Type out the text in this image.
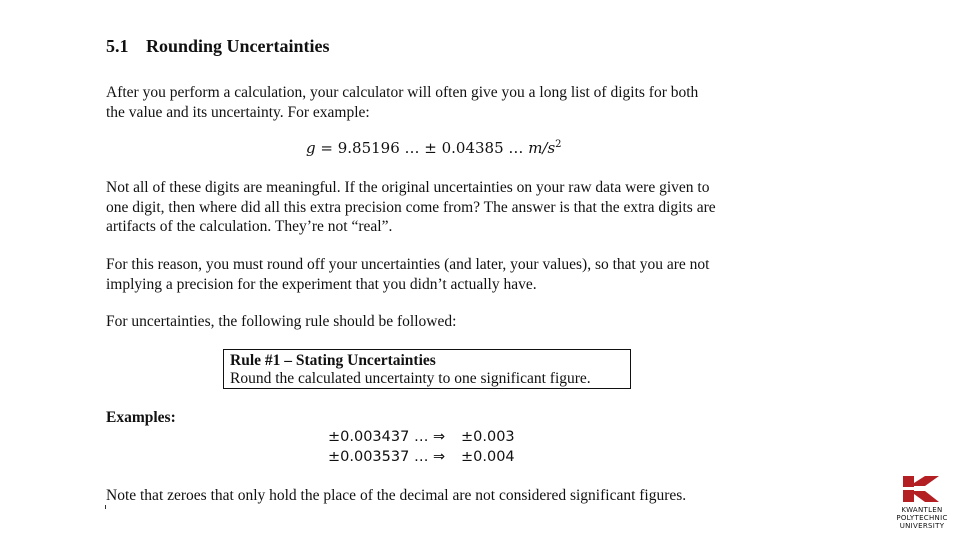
5.1 Rounding Uncertainties
After you perform a calculation, your calculator will often give you a long list of digits for both
the value and its uncertainty. For example:
g = 9.85196 … ± 0.04385 … $m/s^2$
Not all of these digits are meaningful. If the original uncertainties on your raw data were given to
one digit, then where did all this extra precision come from? The answer is that the extra digits are
artifacts of the calculation. They’re not “real”.
For this reason, you must round off your uncertainties (and later, your values), so that you are not
implying a precision for the experiment that you didn’t actually have.
For uncertainties, the following rule should be followed:
Rule #1 – Stating Uncertainties
Round the calculated uncertainty to one significant figure.
Examples:
±0.003437 … ⇒ ±0.003
±0.003537 … ⇒ ±0.004
Note that zeroes that only hold the place of the decimal are not considered significant figures.
KWANTLEN
POLYTECHNIC
UNIVERSITY
